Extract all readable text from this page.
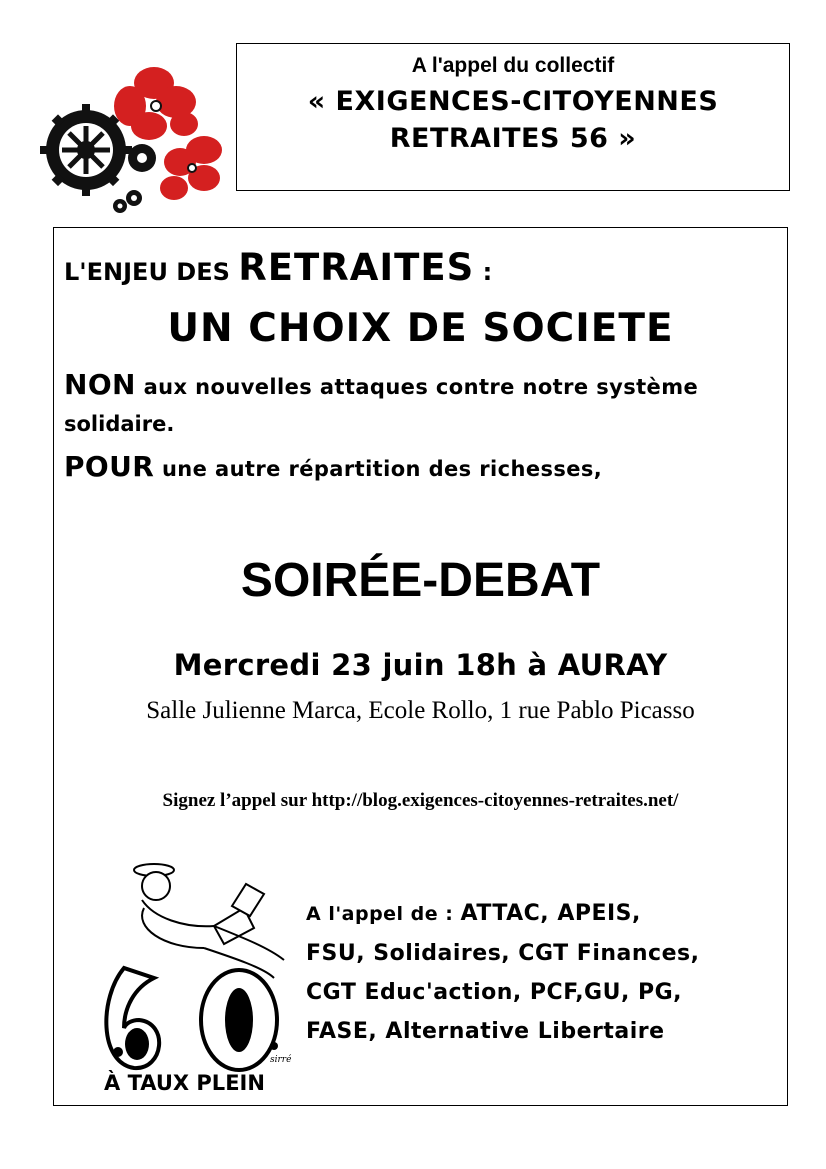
A l'appel du collectif
« EXIGENCES-CITOYENNES
RETRAITES 56 »
L'ENJEU DES RETRAITES :
UN CHOIX DE SOCIETE
NON aux nouvelles attaques contre notre système
solidaire.
POUR une autre répartition des richesses,
SOIRÉE-DEBAT
Mercredi 23 juin 18h à AURAY
Salle Julienne Marca, Ecole Rollo, 1 rue Pablo Picasso
Signez l’appel sur http://blog.exigences-citoyennes-retraites.net/
À TAUX PLEIN
sirré
A l'appel de : ATTAC, APEIS,
FSU, Solidaires, CGT Finances,
CGT Educ'action, PCF,GU, PG,
FASE, Alternative Libertaire
